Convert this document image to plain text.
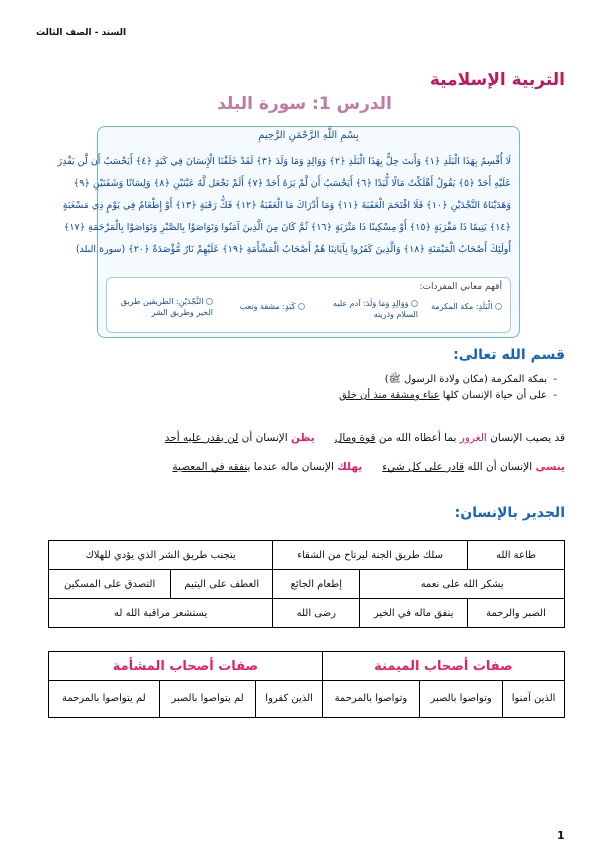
السند - الصف الثالث
التربية الإسلامية
الدرس 1: سورة البلد
بِسْمِ اللَّهِ الرَّحْمَنِ الرَّحِيمِ
لَا أُقْسِمُ بِهَذَا الْبَلَدِ ﴿١﴾ وَأَنتَ حِلٌّ بِهَذَا الْبَلَدِ ﴿٢﴾ وَوَالِدٍ وَمَا وَلَدَ ﴿٣﴾ لَقَدْ خَلَقْنَا الْإِنسَانَ فِي كَبَدٍ ﴿٤﴾ أَيَحْسَبُ أَن لَّن يَقْدِرَ
عَلَيْهِ أَحَدٌ ﴿٥﴾ يَقُولُ أَهْلَكْتُ مَالًا لُّبَدًا ﴿٦﴾ أَيَحْسَبُ أَن لَّمْ يَرَهُ أَحَدٌ ﴿٧﴾ أَلَمْ نَجْعَل لَّهُ عَيْنَيْنِ ﴿٨﴾ وَلِسَانًا وَشَفَتَيْنِ ﴿٩﴾
وَهَدَيْنَاهُ النَّجْدَيْنِ ﴿١٠﴾ فَلَا اقْتَحَمَ الْعَقَبَةَ ﴿١١﴾ وَمَا أَدْرَاكَ مَا الْعَقَبَةُ ﴿١٢﴾ فَكُّ رَقَبَةٍ ﴿١٣﴾ أَوْ إِطْعَامٌ فِي يَوْمٍ ذِي مَسْغَبَةٍ
﴿١٤﴾ يَتِيمًا ذَا مَقْرَبَةٍ ﴿١٥﴾ أَوْ مِسْكِينًا ذَا مَتْرَبَةٍ ﴿١٦﴾ ثُمَّ كَانَ مِنَ الَّذِينَ آمَنُوا وَتَوَاصَوْا بِالصَّبْرِ وَتَوَاصَوْا بِالْمَرْحَمَةِ ﴿١٧﴾
أُولَئِكَ أَصْحَابُ الْمَيْمَنَةِ ﴿١٨﴾ وَالَّذِينَ كَفَرُوا بِآيَاتِنَا هُمْ أَصْحَابُ الْمَشْأَمَةِ ﴿١٩﴾ عَلَيْهِمْ نَارٌ مُّؤْصَدَةٌ ﴿٢٠﴾ (سورة البلد)
أفهم معاني المفردات:
الْبَلَدِ: مكة المكرمة
وَوَالِدٍ وَمَا وَلَدَ: آدم عليه السلام وذريته
كَبَدٍ: مشقة وتعب
النَّجْدَيْنِ: الطريقين طريق الخير وطريق الشر
قسم الله تعالى:
-  بمكة المكرمة (مكان ولادة الرسول ﷺ)
-  على أن حياة الإنسان كلها عناء ومشقة منذ أن خلق
قد يصيب الإنسان الغرور بما أعطاه الله من قوة ومال      يظن الإنسان أن لن يقدر عليه أحد
ينسى الإنسان أن الله قادر على كل شيء      يهلك الإنسان ماله عندما ينفقه في المعصية
الجدير بالإنسان:
طاعة الله	سلك طريق الجنة ليرتاح من الشقاء		يتجنب طريق الشر الذي يؤدي للهلاك	
يشكر الله على نعمه		إطعام الجائع	العطف على اليتيم	التصدق على المسكين
الصبر والرحمة	ينفق ماله في الخير	رضى الله	يستشعر مراقبة الله له	
صفات أصحاب الميمنة			صفات أصحاب المشأمة		
الذين آمنوا	وتواصوا بالصبر	وتواصوا بالمرحمة	الذين كفروا	لم يتواصوا بالصبر	لم يتواصوا بالمرحمة
1
